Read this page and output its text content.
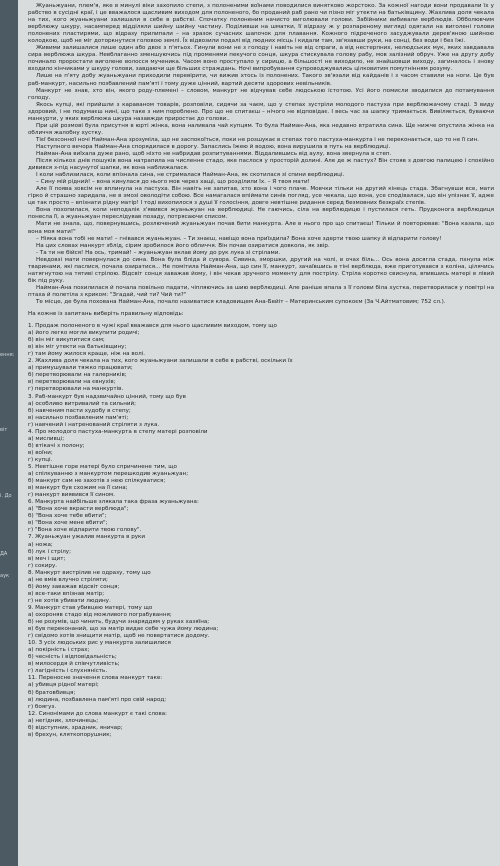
ення:
віт
і. До
ДА
аук

Жуаньжуани, плем'я, яке в минулі віки захопило степи, з полоненими воїнами поводилися винятково жорстоко. За кожної нагоди вони продавали їх у рабство в сусідні краї, і це вважалося щасливим виходом для полоненого, бо проданий раб рано чи пізно міг утекти на батьківщину. Жахлива доля чекала на тих, кого жуаньжуани залишали в себе в рабстві. Спочатку полоненим начисто виголювали голови. Забійники вибивали верблюдів. Обболювчим верблюжу шкуру, насамперед відділяли шийну шийну частину. Поділивши на шматки, її відразу ж у розпареному вигляді одягали на виголені голови полонених пластирями, що відразу прилипали – на зразок сучасних шапочок для плавання. Кожного підреченого засуджували дерев'яною шийною колодкою, щоб не міг доторкнутися головою землі. Їх відвозили подалі від людних місць і кидали там, зв'язавши руки, на сонці, без води і без їжі.

Живими залишалися лише один або двоє з п'ятьох. Гинули вони не з голоду і навіть не від спраги, а від нестерпних, нелюдських мук, яких завдавала сира верблюжа шкура. Невблаганно зменшуючись під променями пекучого сонця, шкура стискувала голову рабу, мов залізний обруч. Уже на другу добу починало проростати виголене волосся мученика. Часом воно проступало у сирицю, а більшості не виходило, не знайшовши виходу, загиналось і знову входило кінчиками у шкуру голови, завдаючи ще більших страждань. Ночі випробування супроводжувались цілковитим помутнінням розуму.

Лише на п'яту добу жуаньжуани приходили перевірити, чи вижив хтось із полонених. Такого зв'язали від кайданів і з часом ставили на ноги. Це був раб-манкурт, насильно позбавлений пам'яті і тому дуже цінний, вартий десяти здорових невільників.

Манкурт не знав, хто він, якого роду-племені – словом, манкурт не відчував себе людською істотою. Усі його помисли зводилися до потамування голоду.

Якось купці, які прийшли з караваном товарів, розповіли, сидячи за чаєм, що у степах зустріли молодого пастуха при верблюжачому стаді. З виду здоровий, і не подумаєш нині, що таке з ним пороблено. Про що не спитаєш – нічого не відповідає. І весь час за шапку тримається. Вивіляється, буваючи манкурти, у яких верблюжа шкура назавжди приростає до голови..

При цій розмові була присутня в юрті жінка, вона наливала чай купцям. То була Найман-Ана, яка недавно втратила сина. Ще нижче опустила жінка на обличчя жалобну хустку.

Тієї безсонної ночі Найман-Ана зрозуміла, що не заспокоїться, поки не розшукає в степах того пастуха-манкурта і не переконається, що то не її син.

Наступного вечора Найман-Ана спорядилася в дорогу. Запаслись їжею й водою, вона вирушила в путь на верблюдиці.

Найман-Ана виїхала дуже рано, щоб ніхто не набридав розпитуваннями. Віддалившись від аулу, вона звернула в степ.

Після кількох днів пошуків вона натрапила на численне стадо, яке паслося у просторій долині. Але де ж пастух? Він стояв з довгою палицею і спокійно дивився з-під насунутої шапки, як вона наближалася.

І коли наблизилася, коли впізнала сина, не стрималася Найман-Ана, як скотилася зі спини верблюдиці.

– Сину мій рідний! – вона кинулася до нього мов через хащі, що розділили їх. – Я твоя мати!

Але її поява зовсім не вплинула на пастуха. Він навіть не запитав, хто вона і чого плаче. Мовчки тільки на другий кінець стада. Збагнувши все, мати гірко й страшно заридала, не в змозі оволодіти собою. Все намагалася впіймати синів погляд, усе чекала, що вона, усе сподівалася, що він упізнає її, адже це так просто – впізнати рідну матір! І тоді вихопилося з душі її голосіння, довге невтішне ридання серед безмовних безкраїх степів.

Вона похопилася, коли неподалік з'явився жуаньжуан на верблюдиці. Не гаючись, сіла на верблюдицю і пустилася геть. Прудконога верблюдиця понесла її, а жуаньжуан переслідував позаду, потрясаючи списом.

Мати не знала, що, повернувшись, розлючений жуаньжуан почав бити манкурта. Але в нього про що спитаєш! Тільки й повторював: "Вона казала, що вона моя мати!"

– Ніяка вона тобі не мати! – гнівався жуаньжуан. – Ти знаєш, навіщо вона приїздила? Вона хоче здерти твою шапку й відпарити голову!

На цих словах манкурт зблід, сірим зробилося його обличчя. Він почав озиратися довкола, як звір.

- Та ти не бійся! На ось, тримай! – жуаньжуан вклав йому до рук лука зі стрілами.

Невдовзі мати повернулася до сина. Вона була бліда й сувора. Сивина, зморшки, другий на чолі, в очах біль... Ось вона досягла стада, пхнула між тваринами, які паслися, почала озиратися... Не помітила Найман-Ана, що син її, манкурт, зачаївшись в тіні верблюда, вже приготувався з коліна, цілячись натягнутою на тятиві стрілою. Відсвіт сонця заважав йому, і він чекав зручного моменту для пострілу. Стріла коротко свиснула, впившись матері в лівий бік під руку.

Найман-Ана похилилася й почала повільно падати, чіпляючись за шию верблюдиці. Але раніше впала з її голови біла хустка, перетворилася у повітрі на птаха й полетіла з криком: "Згадай, чий ти? Чий ти?"

Те місце, де була похована Найман-Ана, почало називатися кладовищем Ана-Бейіт – Материнським супокоєм (За Ч.Айтматовим; 752 сл.).

На кожне із запитань виберіть правильну відповідь:
1. Продаж полоненого в чужі краї вважався для нього щасливим виходом, тому що
а) його легко могли викупити родичі;
б) він міг викупитися сам;
в) він міг утекти на батьківщину;
г) там йому жилося краще, ніж на волі.
2. Жахлива доля чекала на тих, кого жуаньжуани залишали в себе в рабстві, оскільки їх
а) примушували тяжко працювати;
б) перетворювали на галерників;
в) перетворювали на євнухів;
г) перетворювали на манкуртів.
3. Раб-манкурт був надзвичайно цінний, тому що був
а) особливо витривалий та сильний;
б) навченим пасти худобу в степу;
в) насильно позбавленим пам'яті;
г) навчений і натренований стріляти з лука.
4. Про молодого пастуха-манкурта в степу матері розповіли
а) мисливці;
б) втікачі з полону;
в) воїни;
г) купці.
5. Невтішне горе матері було спричинене тим, що
а) спілкуванню з манкуртом перешкодив жуаньжуан;
б) манкурт сам не захотів з нею спілкуватися;
в) манкурт був схожим на її сина;
г) манкурт виявився її сином.
6. Манкурта найбільше злякала така фраза жуаньжуана:
а) "Вона хоче вкрасти верблюда";
б) "Вона хоче тебе вбити";
в) "Вона хоче мене вбити";
г) "Вона хоче відпарити твою голову".
7. Жуаньжуан ужалив манкурта в руки
а) ножа;
б) лук і стрілу;
в) меч і щит;
г) сокиру.
8. Манкурт вистрілив не одразу, тому що
а) не вмів влучно стріляти;
б) йому заважав відсвіт сонця;
в) все-таки впізнав матір;
г) не хотів убивати людину.
9. Манкурт став убивцею матері, тому що
а) охороняв стадо від можливого пограбування;
б) не розумів, що чинить, будучи знаряддям у руках хазяїна;
в) був переконаний, що за матір видає себе чужа йому людина;
г) свідомо хотів знищити матір, щоб не повертатися додому.
10. З усіх людських рис у манкурта залишилися
а) покірність і страх;
б) чесність і відповідальність;
в) милосердя й співчутливість;
г) лагідність і слухняність.
11. Переносне значення слова манкурт таке:
а) убивця рідної матері;
б) братовбивця;
в) людина, позбавлена пам'яті про свій народ;
г) боягуз.
12. Синонімами до слова манкурт є такі слова:
а) негідник, злочинець;
б) відступник, зрадник, яничар;
в) брехун, кляткопорушник;
